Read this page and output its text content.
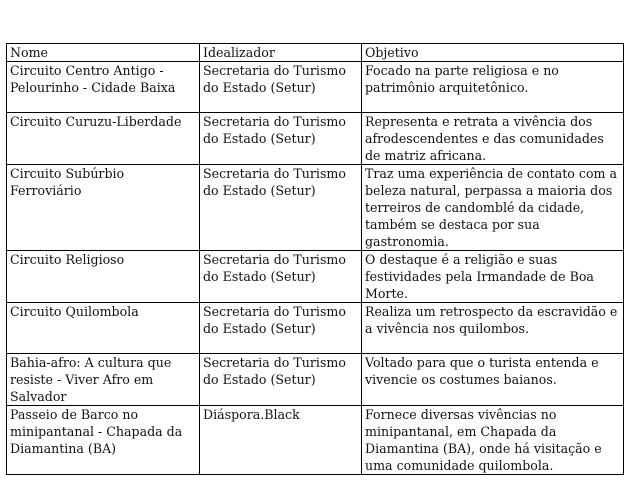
Nome	Idealizador	Objetivo
Circuito Centro Antigo - Pelourinho - Cidade Baixa	Secretaria do Turismo do Estado (Setur)	Focado na parte religiosa e no patrimônio arquitetônico.
Circuito Curuzu-Liberdade	Secretaria do Turismo do Estado (Setur)	Representa e retrata a vivência dos afrodescendentes e das comunidades de matriz africana.
Circuito Subúrbio Ferroviário	Secretaria do Turismo do Estado (Setur)	Traz uma experiência de contato com a beleza natural, perpassa a maioria dos terreiros de candomblé da cidade, também se destaca por sua gastronomia.
Circuito Religioso	Secretaria do Turismo do Estado (Setur)	O destaque é a religião e suas festividades pela Irmandade de Boa Morte.
Circuito Quilombola	Secretaria do Turismo do Estado (Setur)	Realiza um retrospecto da escravidão e a vivência nos quilombos.
Bahia-afro: A cultura que resiste - Viver Afro em Salvador	Secretaria do Turismo do Estado (Setur)	Voltado para que o turista entenda e vivencie os costumes baianos.
Passeio de Barco no minipantanal - Chapada da Diamantina (BA)	Diáspora.Black	Fornece diversas vivências no minipantanal, em Chapada da Diamantina (BA), onde há visitação e uma comunidade quilombola.
